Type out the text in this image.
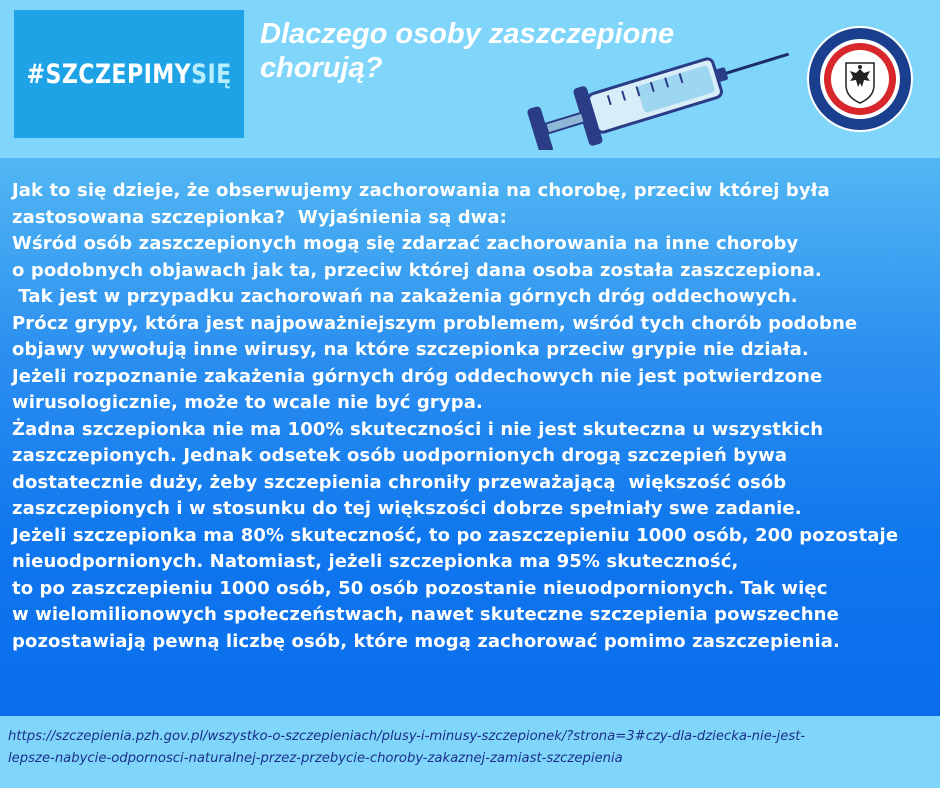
#SZCZEPIMYSIĘ
Dlaczego osoby zaszczepione
chorują?
Jak to się dzieje, że obserwujemy zachorowania na chorobę, przeciw której była
zastosowana szczepionka?  Wyjaśnienia są dwa:
Wśród osób zaszczepionych mogą się zdarzać zachorowania na inne choroby
o podobnych objawach jak ta, przeciw której dana osoba została zaszczepiona.
Tak jest w przypadku zachorowań na zakażenia górnych dróg oddechowych.
Prócz grypy, która jest najpoważniejszym problemem, wśród tych chorób podobne
objawy wywołują inne wirusy, na które szczepionka przeciw grypie nie działa.
Jeżeli rozpoznanie zakażenia górnych dróg oddechowych nie jest potwierdzone
wirusologicznie, może to wcale nie być grypa.
Żadna szczepionka nie ma 100% skuteczności i nie jest skuteczna u wszystkich
zaszczepionych. Jednak odsetek osób uodpornionych drogą szczepień bywa
dostatecznie duży, żeby szczepienia chroniły przeważającą  większość osób
zaszczepionych i w stosunku do tej większości dobrze spełniały swe zadanie.
Jeżeli szczepionka ma 80% skuteczność, to po zaszczepieniu 1000 osób, 200 pozostaje
nieuodpornionych. Natomiast, jeżeli szczepionka ma 95% skuteczność,
to po zaszczepieniu 1000 osób, 50 osób pozostanie nieuodpornionych. Tak więc
w wielomilionowych społeczeństwach, nawet skuteczne szczepienia powszechne
pozostawiają pewną liczbę osób, które mogą zachorować pomimo zaszczepienia.
https://szczepienia.pzh.gov.pl/wszystko-o-szczepieniach/plusy-i-minusy-szczepionek/?strona=3#czy-dla-dziecka-nie-jest-
lepsze-nabycie-odpornosci-naturalnej-przez-przebycie-choroby-zakaznej-zamiast-szczepienia
